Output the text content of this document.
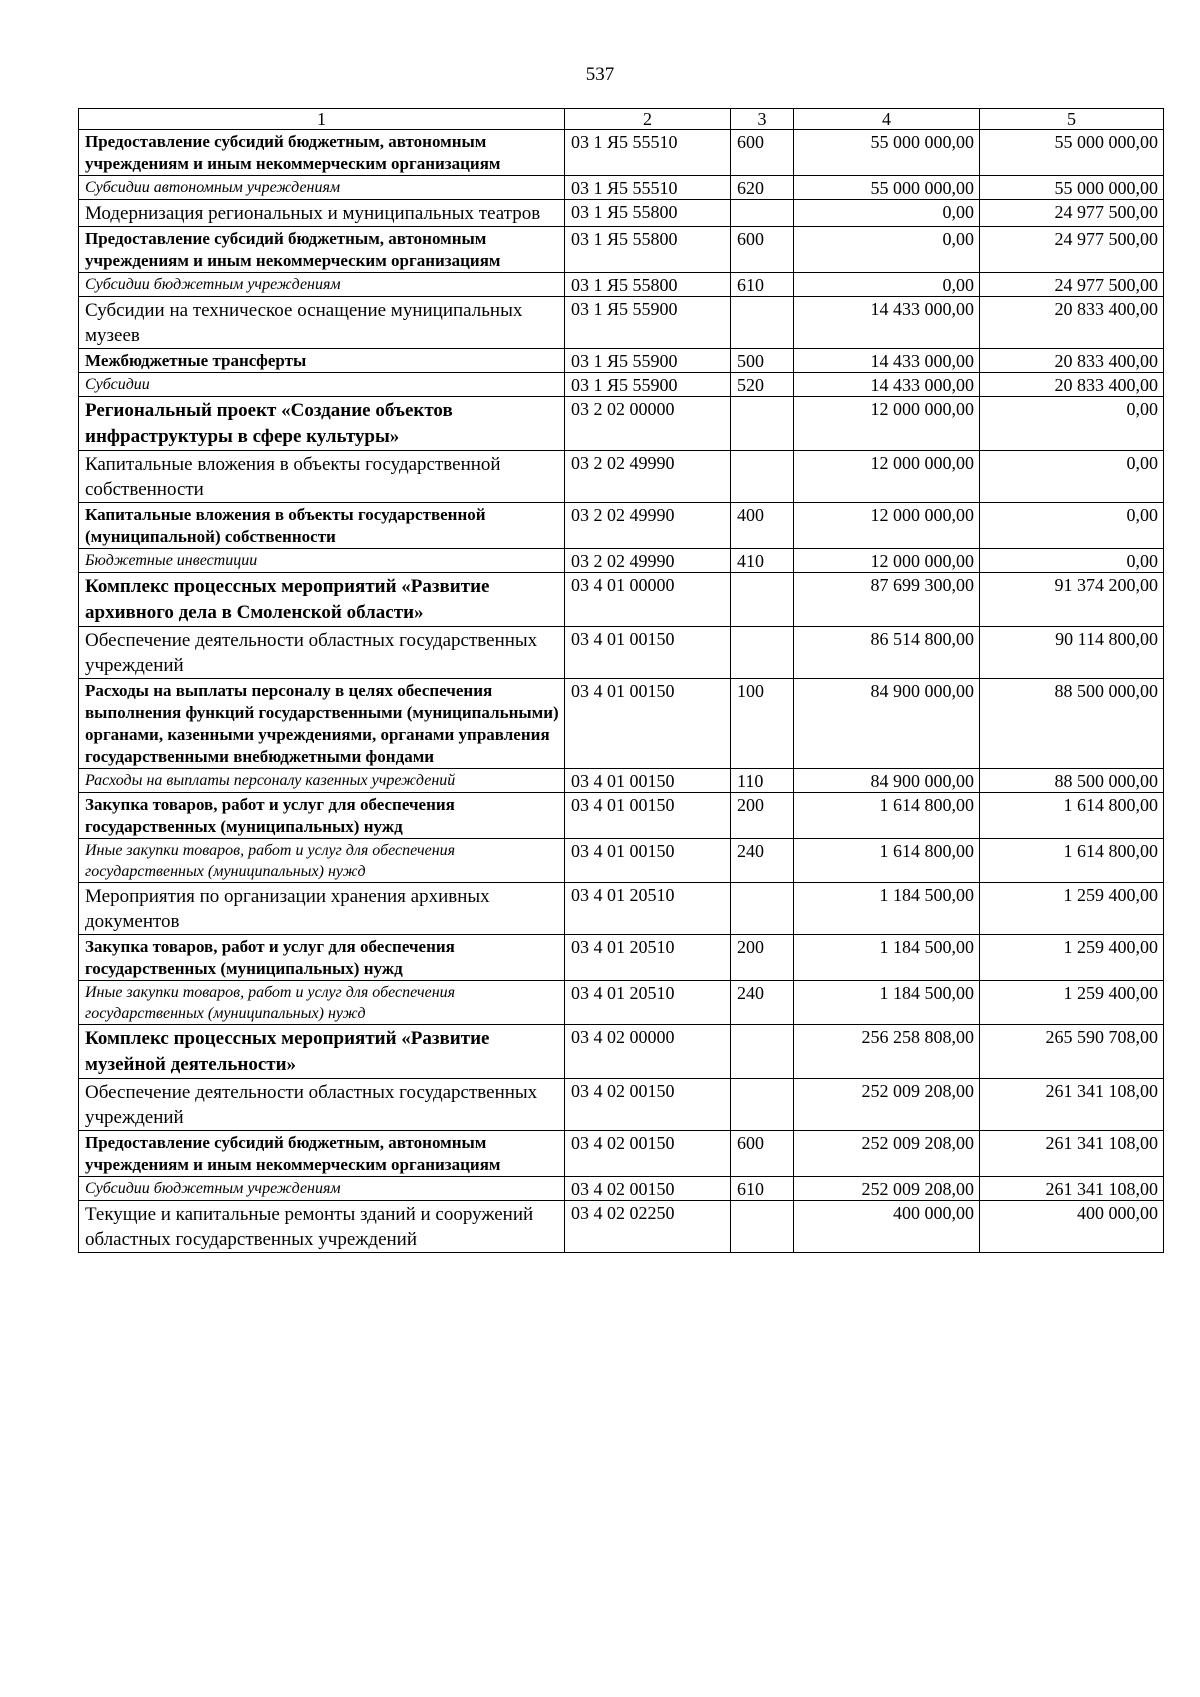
537
1	2	3	4	5
Предоставление субсидий бюджетным, автономным учреждениям и иным некоммерческим организациям	03 1 Я5 55510	600	55 000 000,00	55 000 000,00
Субсидии автономным учреждениям	03 1 Я5 55510	620	55 000 000,00	55 000 000,00
Модернизация региональных и муниципальных театров	03 1 Я5 55800		0,00	24 977 500,00
Предоставление субсидий бюджетным, автономным учреждениям и иным некоммерческим организациям	03 1 Я5 55800	600	0,00	24 977 500,00
Субсидии бюджетным учреждениям	03 1 Я5 55800	610	0,00	24 977 500,00
Субсидии на техническое оснащение муниципальных музеев	03 1 Я5 55900		14 433 000,00	20 833 400,00
Межбюджетные трансферты	03 1 Я5 55900	500	14 433 000,00	20 833 400,00
Субсидии	03 1 Я5 55900	520	14 433 000,00	20 833 400,00
Региональный проект «Создание объектов инфраструктуры в сфере культуры»	03 2 02 00000		12 000 000,00	0,00
Капитальные вложения в объекты государственной собственности	03 2 02 49990		12 000 000,00	0,00
Капитальные вложения в объекты государственной (муниципальной) собственности	03 2 02 49990	400	12 000 000,00	0,00
Бюджетные инвестиции	03 2 02 49990	410	12 000 000,00	0,00
Комплекс процессных мероприятий «Развитие архивного дела в Смоленской области»	03 4 01 00000		87 699 300,00	91 374 200,00
Обеспечение деятельности областных государственных учреждений	03 4 01 00150		86 514 800,00	90 114 800,00
Расходы на выплаты персоналу в целях обеспечения выполнения функций государственными (муниципальными) органами, казенными учреждениями, органами управления государственными внебюджетными фондами	03 4 01 00150	100	84 900 000,00	88 500 000,00
Расходы на выплаты персоналу казенных учреждений	03 4 01 00150	110	84 900 000,00	88 500 000,00
Закупка товаров, работ и услуг для обеспечения государственных (муниципальных) нужд	03 4 01 00150	200	1 614 800,00	1 614 800,00
Иные закупки товаров, работ и услуг для обеспечения государственных (муниципальных) нужд	03 4 01 00150	240	1 614 800,00	1 614 800,00
Мероприятия по организации хранения архивных документов	03 4 01 20510		1 184 500,00	1 259 400,00
Закупка товаров, работ и услуг для обеспечения государственных (муниципальных) нужд	03 4 01 20510	200	1 184 500,00	1 259 400,00
Иные закупки товаров, работ и услуг для обеспечения государственных (муниципальных) нужд	03 4 01 20510	240	1 184 500,00	1 259 400,00
Комплекс процессных мероприятий «Развитие музейной деятельности»	03 4 02 00000		256 258 808,00	265 590 708,00
Обеспечение деятельности областных государственных учреждений	03 4 02 00150		252 009 208,00	261 341 108,00
Предоставление субсидий бюджетным, автономным учреждениям и иным некоммерческим организациям	03 4 02 00150	600	252 009 208,00	261 341 108,00
Субсидии бюджетным учреждениям	03 4 02 00150	610	252 009 208,00	261 341 108,00
Текущие и капитальные ремонты зданий и сооружений областных государственных учреждений	03 4 02 02250		400 000,00	400 000,00
